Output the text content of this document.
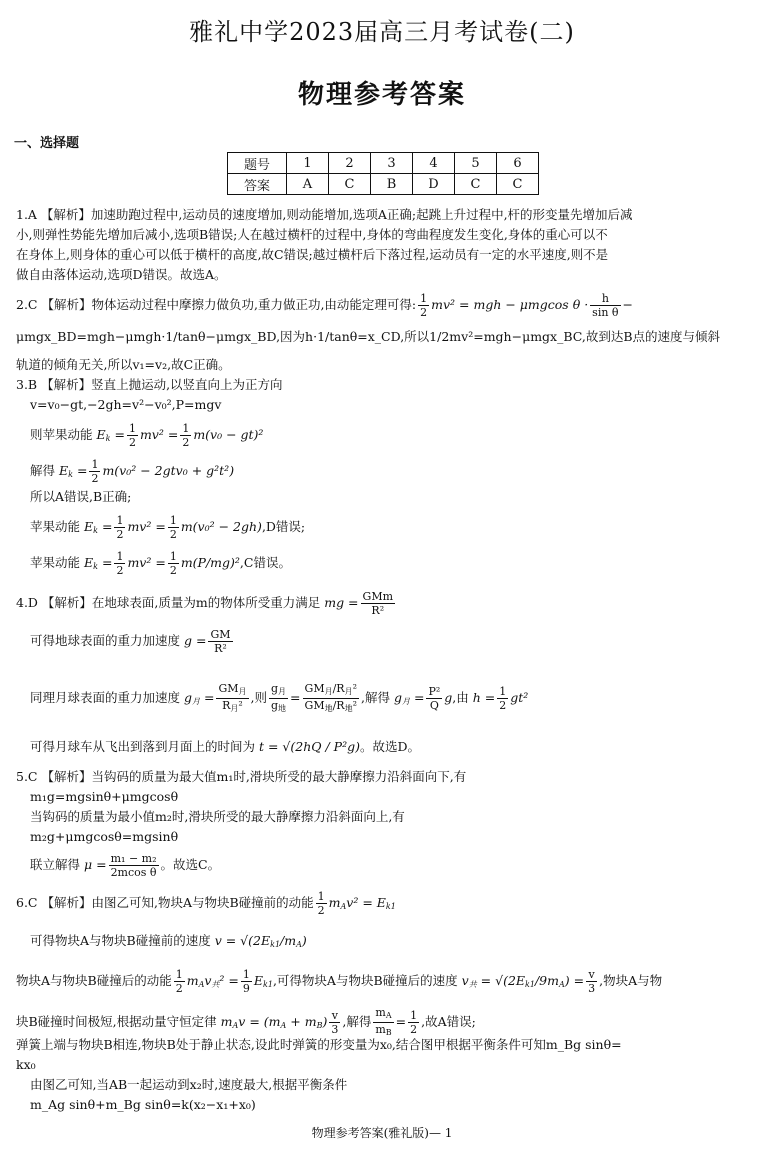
雅礼中学2023届高三月考试卷(二)
物理参考答案
一、选择题
题号	1	2	3	4	5	6
答案	A	C	B	D	C	C
1.A 【解析】加速助跑过程中,运动员的速度增加,则动能增加,选项A正确;起跳上升过程中,杆的形变量先增加后减
小,则弹性势能先增加后减小,选项B错误;人在越过横杆的过程中,身体的弯曲程度发生变化,身体的重心可以不
在身体上,则身体的重心可以低于横杆的高度,故C错误;越过横杆后下落过程,运动员有一定的水平速度,则不是
做自由落体运动,选项D错误。故选A。
2.C 【解析】物体运动过程中摩擦力做负功,重力做正功,由动能定理可得: $\frac{1}{2} mv^2$ = mgh − μmgcos $\theta \cdot \frac{h}{\text{sin θ}}$ −
μmgx_BD=mgh−μmgh·1/tanθ−μmgx_BD,因为h·1/tanθ=x_CD,所以1/2mv²=mgh−μmgx_BC,故到达B点的速度与倾斜
轨道的倾角无关,所以v₁=v₂,故C正确。
3.B 【解析】竖直上抛运动,以竖直向上为正方向
v=v₀−gt,−2gh=v²−v₀²,P=mgv
则苹果动能 $E_k = \frac{1}{2} mv^2 = \frac{1}{2} m(v_0 - gt)^2$
解得 $E_k = \frac{1}{2} m(v_0^2 - 2gtv_0 + g^2t^2)$
所以A错误,B正确;
苹果动能 $E_k = \frac{1}{2} mv^2 = \frac{1}{2} m(v_0^2 - 2gh),D$错误;
苹果动能 $E_k = \frac{1}{2} mv^2 = \frac{1}{2} m(P/mg)^2,C$错误。
4.D 【解析】在地球表面,质量为m的物体所受重力满足 mg = $\frac{\text{GMm}}{\text{R²}}$
可得地球表面的重力加速度 $g = \frac{GM}{\text{R²}}$
同理月球表面的重力加速度 $g_月 = \frac{GM_月}{R_月^2}$ ,则 $\frac{g_月}{g_地} = \frac{GM_月/R_月^2}{GM_地/R_地^2}$ ,解得 $g_月 = \frac{\text{P²}}{Q} g$,由 $h = \frac{1}{2} gt^2$
可得月球车从飞出到落到月面上的时间为 t = √(2hQ / P²g)。故选D。
5.C 【解析】当钩码的质量为最大值m₁时,滑块所受的最大静摩擦力沿斜面向下,有
m₁g=mgsinθ+μmgcosθ
当钩码的质量为最小值m₂时,滑块所受的最大静摩擦力沿斜面向上,有
m₂g+μmgcosθ=mgsinθ
联立解得 $\mu = \frac{\text{m₁ − m₂}}{\text{2mcos θ}}$ 。故选C。
6.C 【解析】由图乙可知,物块A与物块B碰撞前的动能 $\frac{1}{2} m_Av^2 = E_{k1}$
可得物块A与物块B碰撞前的速度 $v = √(2E_{k1}/m_A)$
物块A与物块B碰撞后的动能 $\frac{1}{2} m_Av_共^2 = \frac{1}{9} E_{k1}$,可得物块A与物块B碰撞后的速度 $v_共 = √(2E_{k1}/9m_A) = \frac{v}{3}$ ,物块A与物
块B碰撞时间极短,根据动量守恒定律 $m_Av = (m_A + m_B) \frac{v}{3}$ ,解得 $\frac{m_A}{m_B} = \frac{1}{2}$ ,故A错误;
弹簧上端与物块B相连,物块B处于静止状态,设此时弹簧的形变量为x₀,结合图甲根据平衡条件可知m_Bg sinθ=
kx₀
由图乙可知,当AB一起运动到x₂时,速度最大,根据平衡条件
m_Ag sinθ+m_Bg sinθ=k(x₂−x₁+x₀)
物理参考答案(雅礼版)— 1
